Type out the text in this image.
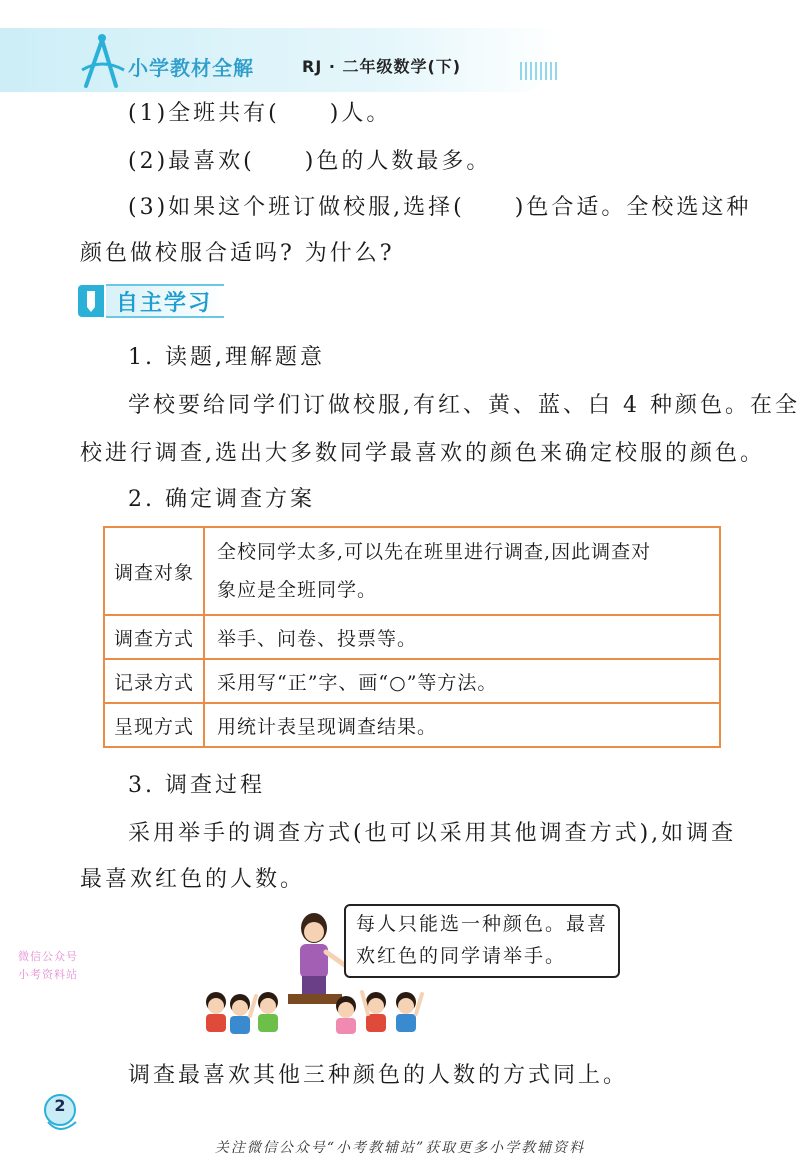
小学教材全解	RJ · 二年级数学(下)
(1)全班共有(　　)人。
(2)最喜欢(　　)色的人数最多。
(3)如果这个班订做校服,选择(　　)色合适。全校选这种
颜色做校服合适吗? 为什么?
自主学习
1. 读题,理解题意
学校要给同学们订做校服,有红、黄、蓝、白 4 种颜色。在全
校进行调查,选出大多数同学最喜欢的颜色来确定校服的颜色。
2. 确定调查方案
调查对象	全校同学太多,可以先在班里进行调查,因此调查对
象应是全班同学。

调查方式	举手、问卷、投票等。
记录方式	采用写“正”字、画“○”等方法。
呈现方式	用统计表呈现调查结果。
3. 调查过程
采用举手的调查方式(也可以采用其他调查方式),如调查
最喜欢红色的人数。
每人只能选一种颜色。最喜
欢红色的同学请举手。
微信公众号
小考资料站
调查最喜欢其他三种颜色的人数的方式同上。
2
关注微信公众号“小考教辅站”获取更多小学教辅资料
